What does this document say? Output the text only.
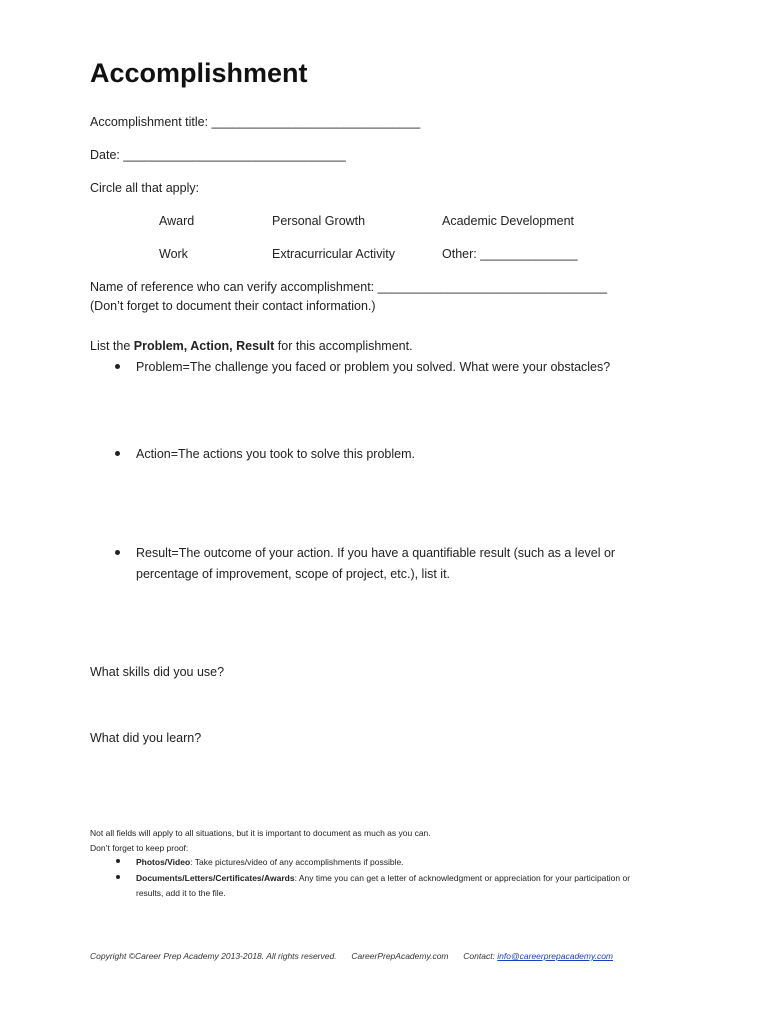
Accomplishment
Accomplishment title: ______________________________
Date: ________________________________
Circle all that apply:
Award	Personal Growth	Academic Development
Work	Extracurricular Activity	Other: ______________
Name of reference who can verify accomplishment: _________________________________
(Don’t forget to document their contact information.)
List the Problem, Action, Result for this accomplishment.
Problem=The challenge you faced or problem you solved. What were your obstacles?
Action=The actions you took to solve this problem.
Result=The outcome of your action. If you have a quantifiable result (such as a level or
percentage of improvement, scope of project, etc.), list it.
What skills did you use?
What did you learn?
Not all fields will apply to all situations, but it is important to document as much as you can.
Don’t forget to keep proof:
Photos/Video: Take pictures/video of any accomplishments if possible.
Documents/Letters/Certificates/Awards: Any time you can get a letter of acknowledgment or appreciation for your participation or
results, add it to the file.
Copyright ©Career Prep Academy 2013-2018. All rights reserved. CareerPrepAcademy.com Contact: info@careerprepacademy.com
